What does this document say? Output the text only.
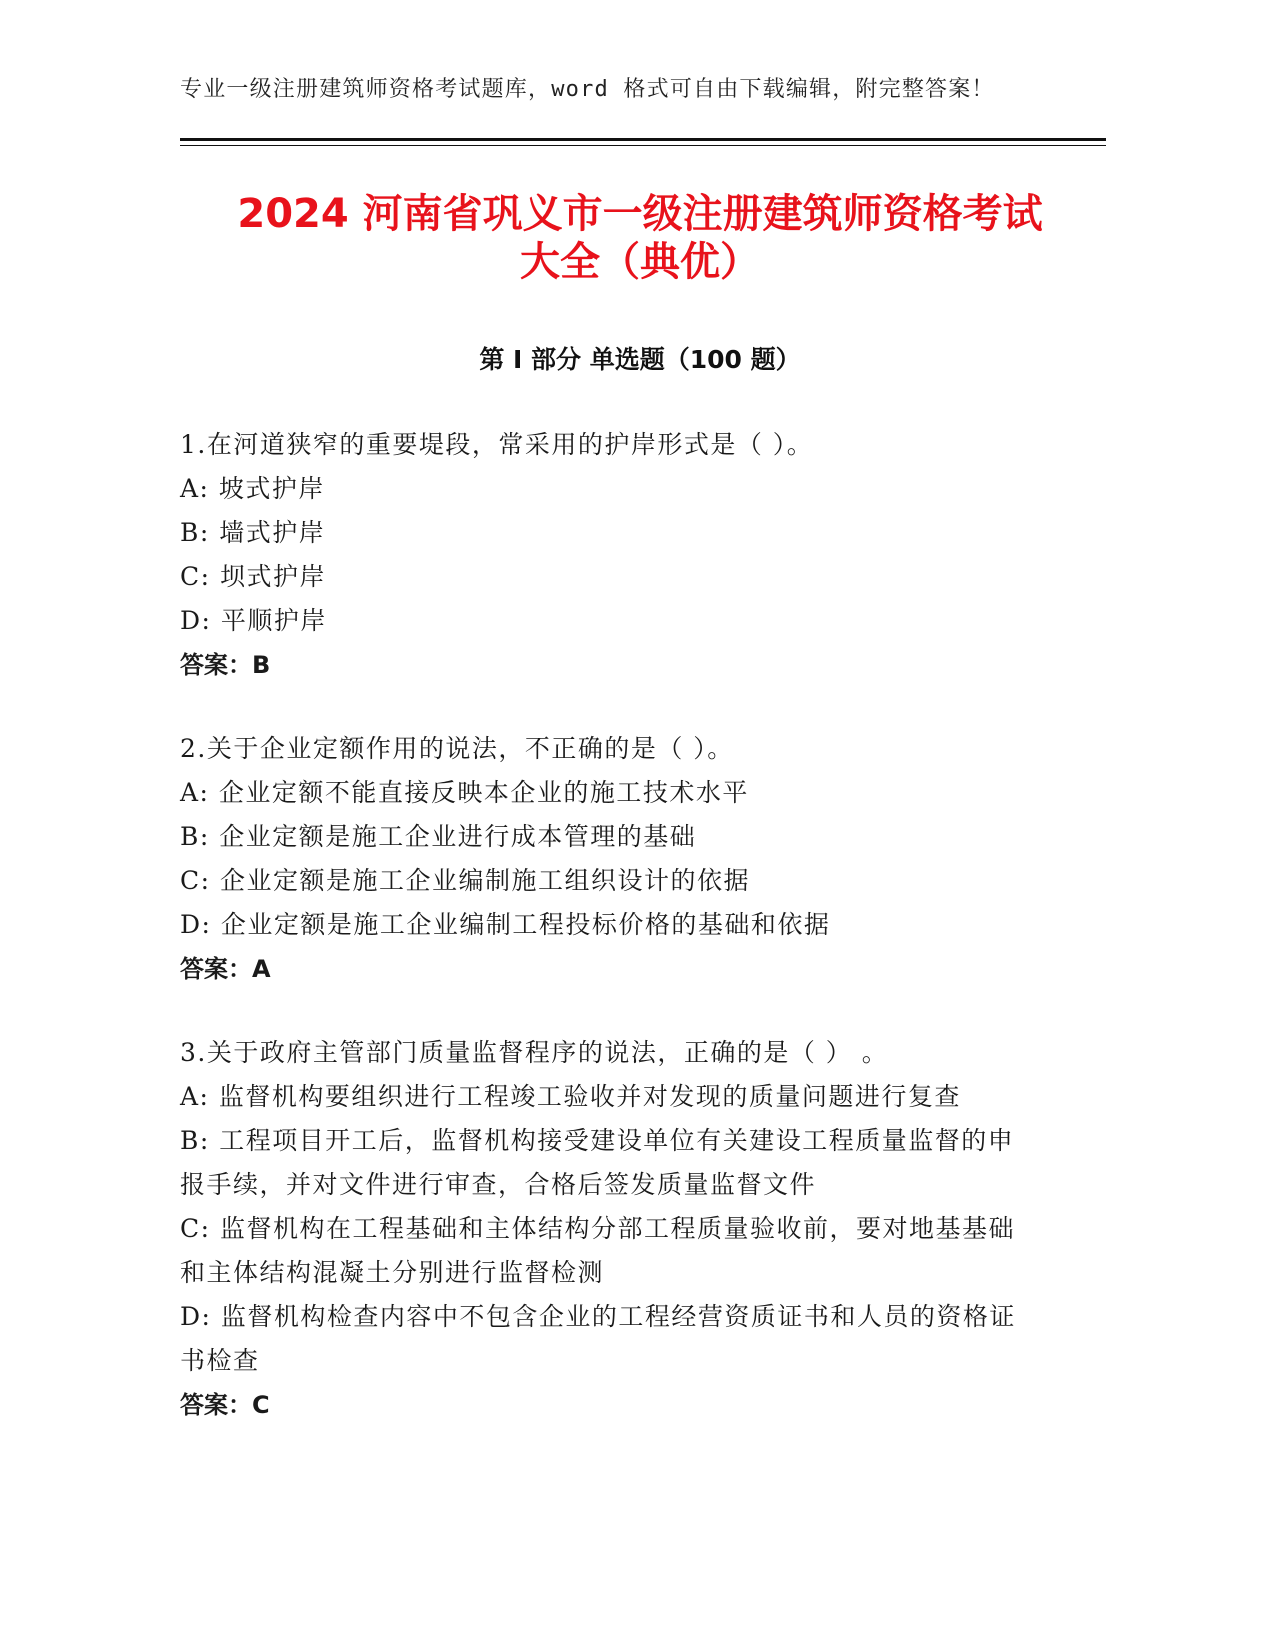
专业一级注册建筑师资格考试题库，word 格式可自由下载编辑，附完整答案！
2024 河南省巩义市一级注册建筑师资格考试
大全（典优）
第 I 部分 单选题（100 题）
1.在河道狭窄的重要堤段，常采用的护岸形式是（ ）。
A: 坡式护岸
B: 墙式护岸
C: 坝式护岸
D: 平顺护岸
答案：B
2.关于企业定额作用的说法，不正确的是（ ）。
A: 企业定额不能直接反映本企业的施工技术水平
B: 企业定额是施工企业进行成本管理的基础
C: 企业定额是施工企业编制施工组织设计的依据
D: 企业定额是施工企业编制工程投标价格的基础和依据
答案：A
3.关于政府主管部门质量监督程序的说法，正确的是（ ） 。
A: 监督机构要组织进行工程竣工验收并对发现的质量问题进行复查
B: 工程项目开工后，监督机构接受建设单位有关建设工程质量监督的申报手续，并对文件进行审查，合格后签发质量监督文件
C: 监督机构在工程基础和主体结构分部工程质量验收前，要对地基基础和主体结构混凝土分别进行监督检测
D: 监督机构检查内容中不包含企业的工程经营资质证书和人员的资格证书检查
答案：C
